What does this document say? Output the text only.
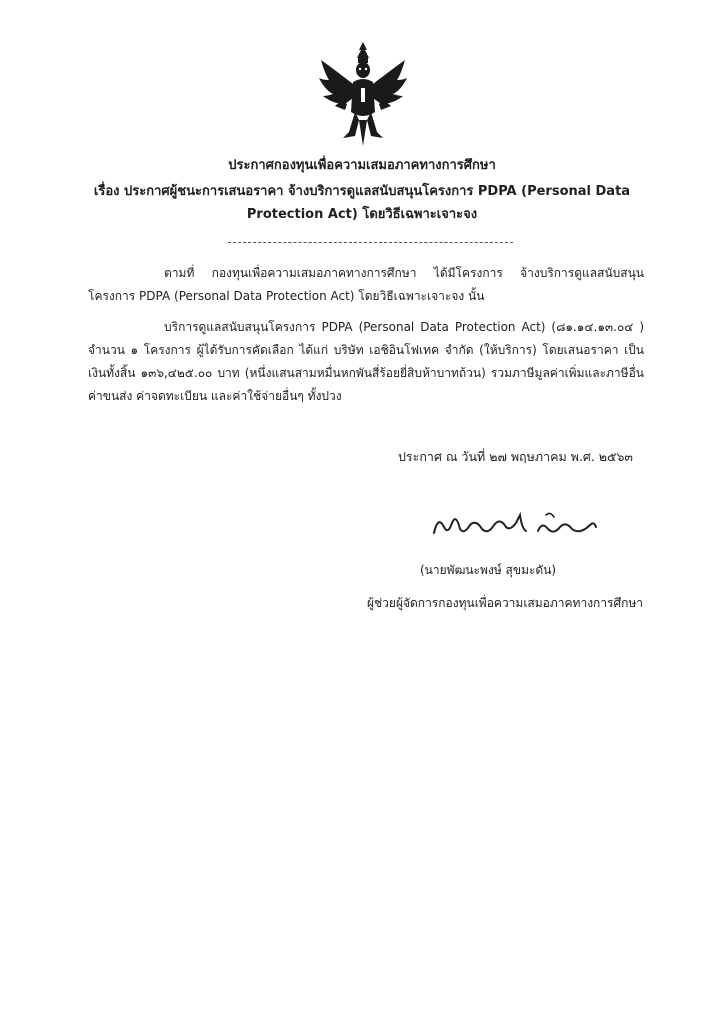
ประกาศกองทุนเพื่อความเสมอภาคทางการศึกษา
เรื่อง ประกาศผู้ชนะการเสนอราคา จ้างบริการดูแลสนับสนุนโครงการ PDPA (Personal Data Protection Act) โดยวิธีเฉพาะเจาะจง
ตามที่ กองทุนเพื่อความเสมอภาคทางการศึกษา ได้มีโครงการ จ้างบริการดูแลสนับสนุนโครงการ PDPA (Personal Data Protection Act) โดยวิธีเฉพาะเจาะจง นั้น
บริการดูแลสนับสนุนโครงการ PDPA (Personal Data Protection Act) (๘๑.๑๔.๑๓.๐๔ ) จำนวน ๑ โครงการ ผู้ได้รับการคัดเลือก ได้แก่ บริษัท เอชิอินโฟเทค จำกัด (ให้บริการ) โดยเสนอราคา เป็นเงินทั้งสิ้น ๑๓๖,๔๒๕.๐๐ บาท (หนึ่งแสนสามหมื่นหกพันสี่ร้อยยี่สิบห้าบาทถ้วน) รวมภาษีมูลค่าเพิ่มและภาษีอื่น ค่าขนส่ง ค่าจดทะเบียน และค่าใช้จ่ายอื่นๆ ทั้งปวง
ประกาศ ณ วันที่ ๒๗ พฤษภาคม พ.ศ. ๒๕๖๓
(นายพัฒนะพงษ์ สุขมะดัน)
ผู้ช่วยผู้จัดการกองทุนเพื่อความเสมอภาคทางการศึกษา
